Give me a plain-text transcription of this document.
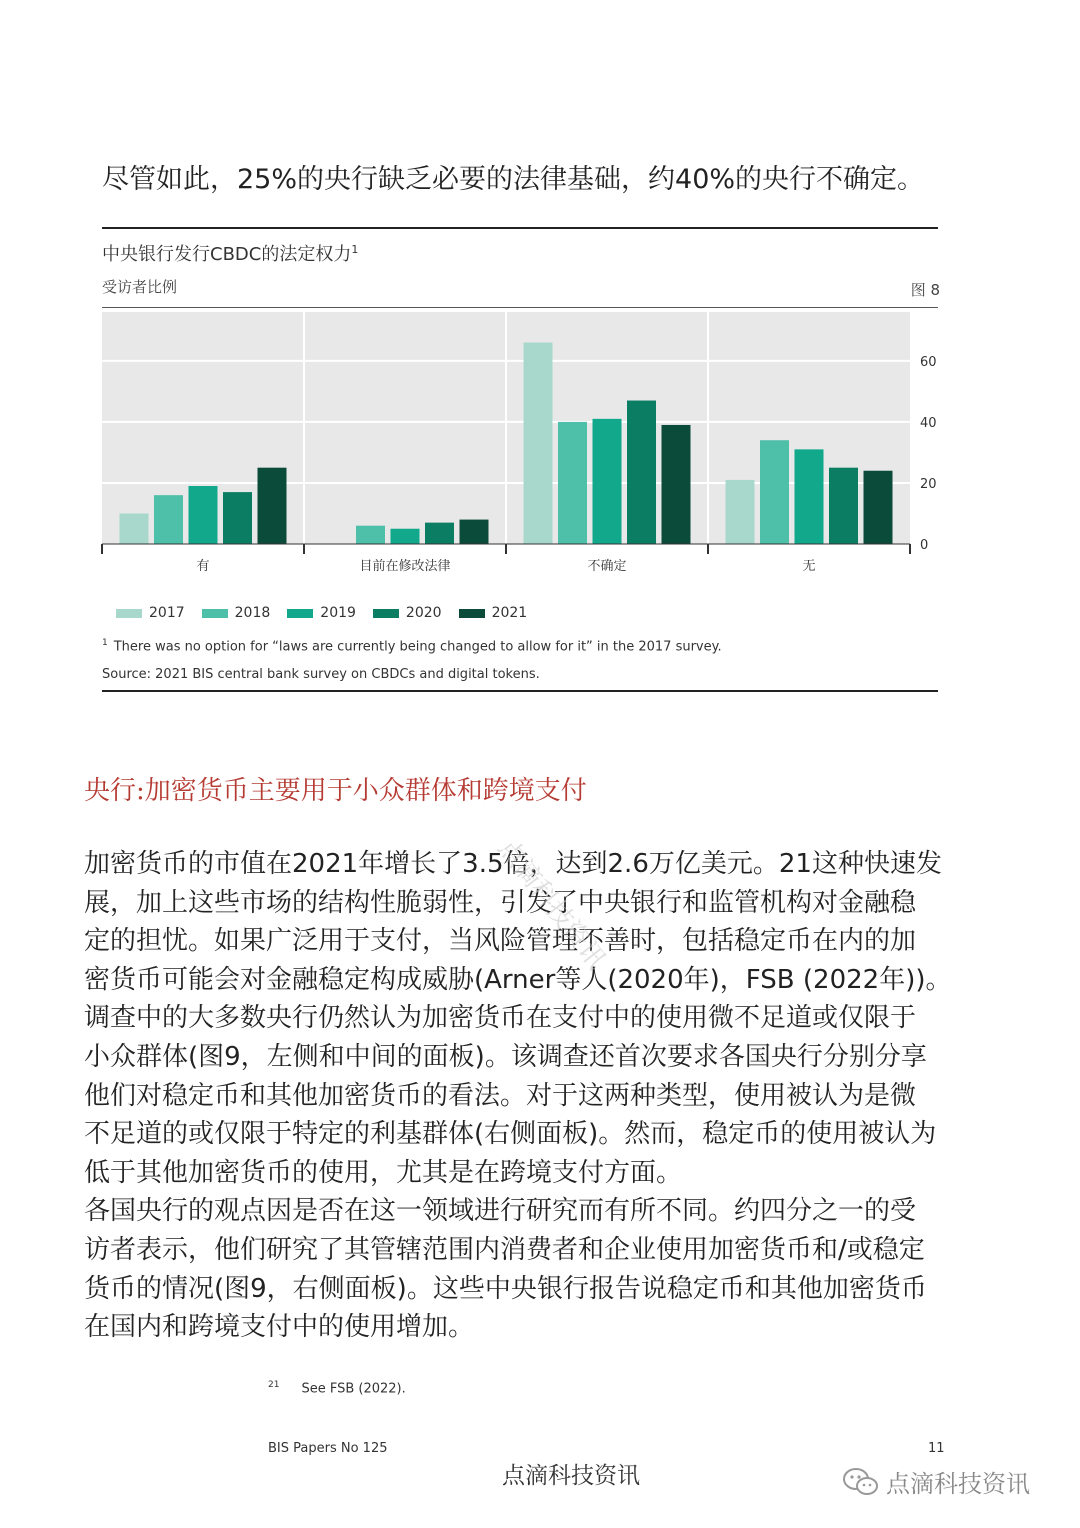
尽管如此，25%的央行缺乏必要的法律基础，约40%的央行不确定。

中央银行发行CBDC的法定权力$^1$
受访者比例	图 8
0
20
40
60
有	目前在修改法律	不确定	无
2017	2018	2019	2020	2021
$^1$ There was no option for “laws are currently being changed to allow for it” in the 2017 survey.
Source: 2021 BIS central bank survey on CBDCs and digital tokens.
央行:加密货币主要用于小众群体和跨境支付

加密货币的市值在2021年增长了3.5倍，达到2.6万亿美元。21这种快速发
展，加上这些市场的结构性脆弱性，引发了中央银行和监管机构对金融稳
定的担忧。如果广泛用于支付，当风险管理不善时，包括稳定币在内的加
密货币可能会对金融稳定构成威胁(Arner等人(2020年)，FSB (2022年))。
调查中的大多数央行仍然认为加密货币在支付中的使用微不足道或仅限于
小众群体(图9，左侧和中间的面板)。该调查还首次要求各国央行分别分享
他们对稳定币和其他加密货币的看法。对于这两种类型，使用被认为是微
不足道的或仅限于特定的利基群体(右侧面板)。然而，稳定币的使用被认为
低于其他加密货币的使用，尤其是在跨境支付方面。
各国央行的观点因是否在这一领域进行研究而有所不同。约四分之一的受
访者表示，他们研究了其管辖范围内消费者和企业使用加密货币和/或稳定
货币的情况(图9，右侧面板)。这些中央银行报告说稳定币和其他加密货币
在国内和跨境支付中的使用增加。

点滴科技资讯
$^{21}$ See FSB (2022).
BIS Papers No 125	11
点滴科技资讯	点滴科技资讯
